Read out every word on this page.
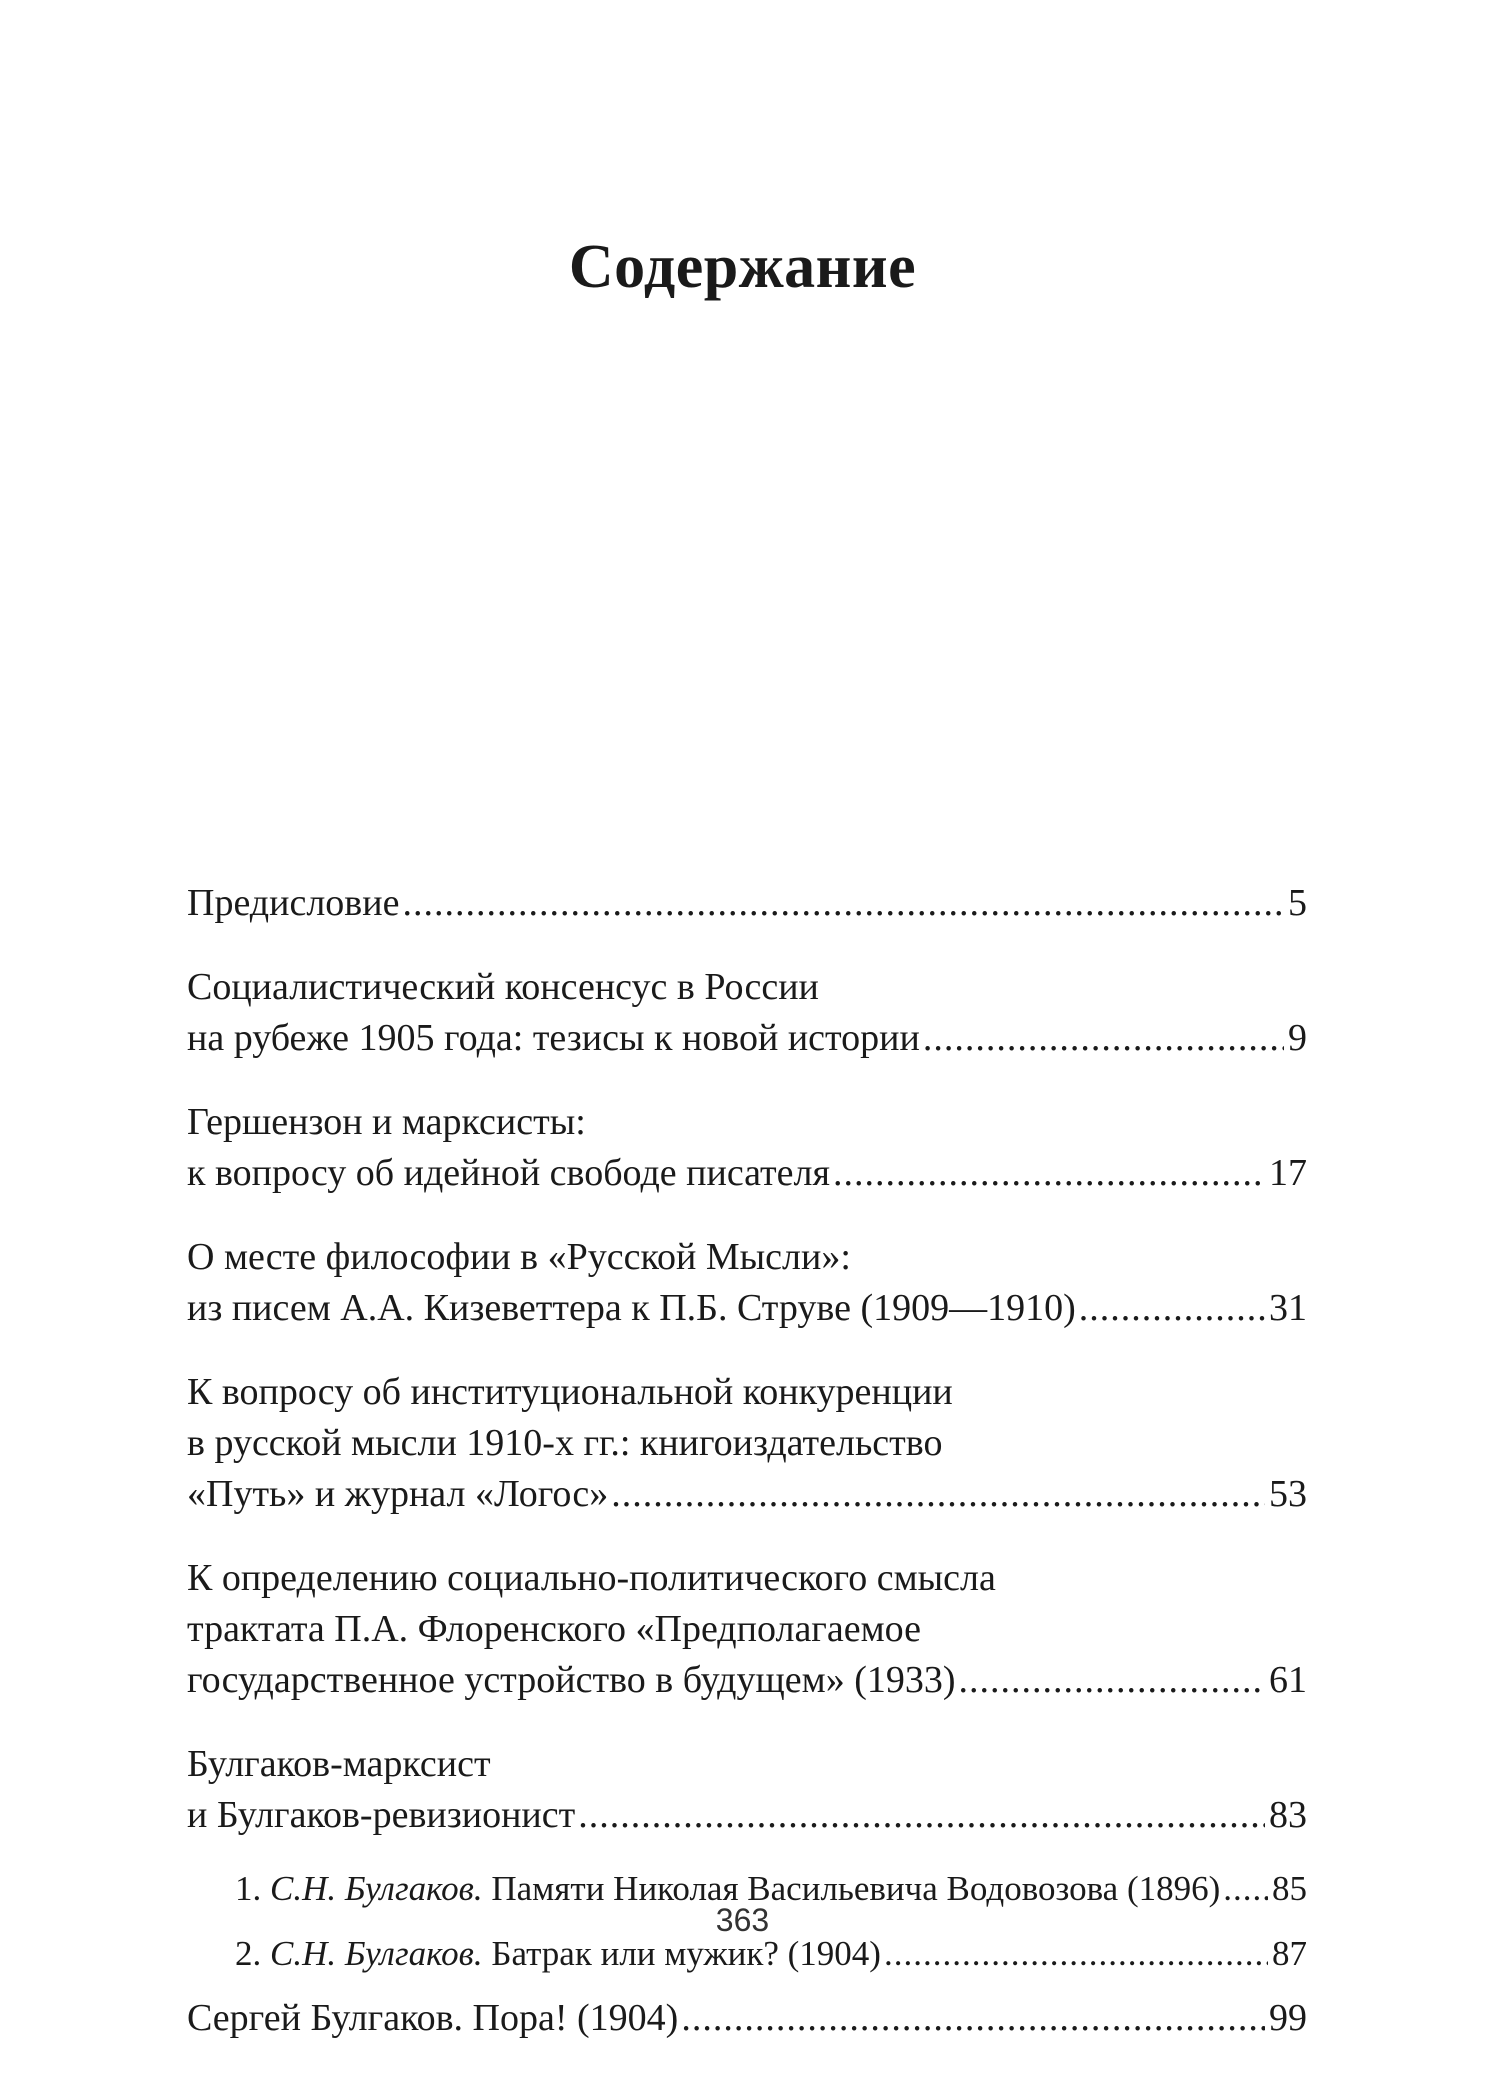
Содержание
Предисловие .....	5
Социалистический консенсус в России
на рубеже 1905 года: тезисы к новой истории .....	9
Гершензон и марксисты:
к вопросу об идейной свободе писателя .....	17
О месте философии в «Русской Мысли»:
из писем А.А. Кизеветтера к П.Б. Струве (1909—1910) .....	31
К вопросу об институциональной конкуренции
в русской мысли 1910-х гг.: книгоиздательство
«Путь» и журнал «Логос» .....	53
К определению социально-политического смысла
трактата П.А. Флоренского «Предполагаемое
государственное устройство в будущем» (1933) .....	61
Булгаков-марксист
и Булгаков-ревизионист .....	83
1.
С.Н. Булгаков.
Памяти Николая Васильевича Водовозова (1896) ..... 85
2.
С.Н. Булгаков.
Батрак или мужик? (1904) .....	87
Сергей Булгаков. Пора! (1904) .....	99
363
